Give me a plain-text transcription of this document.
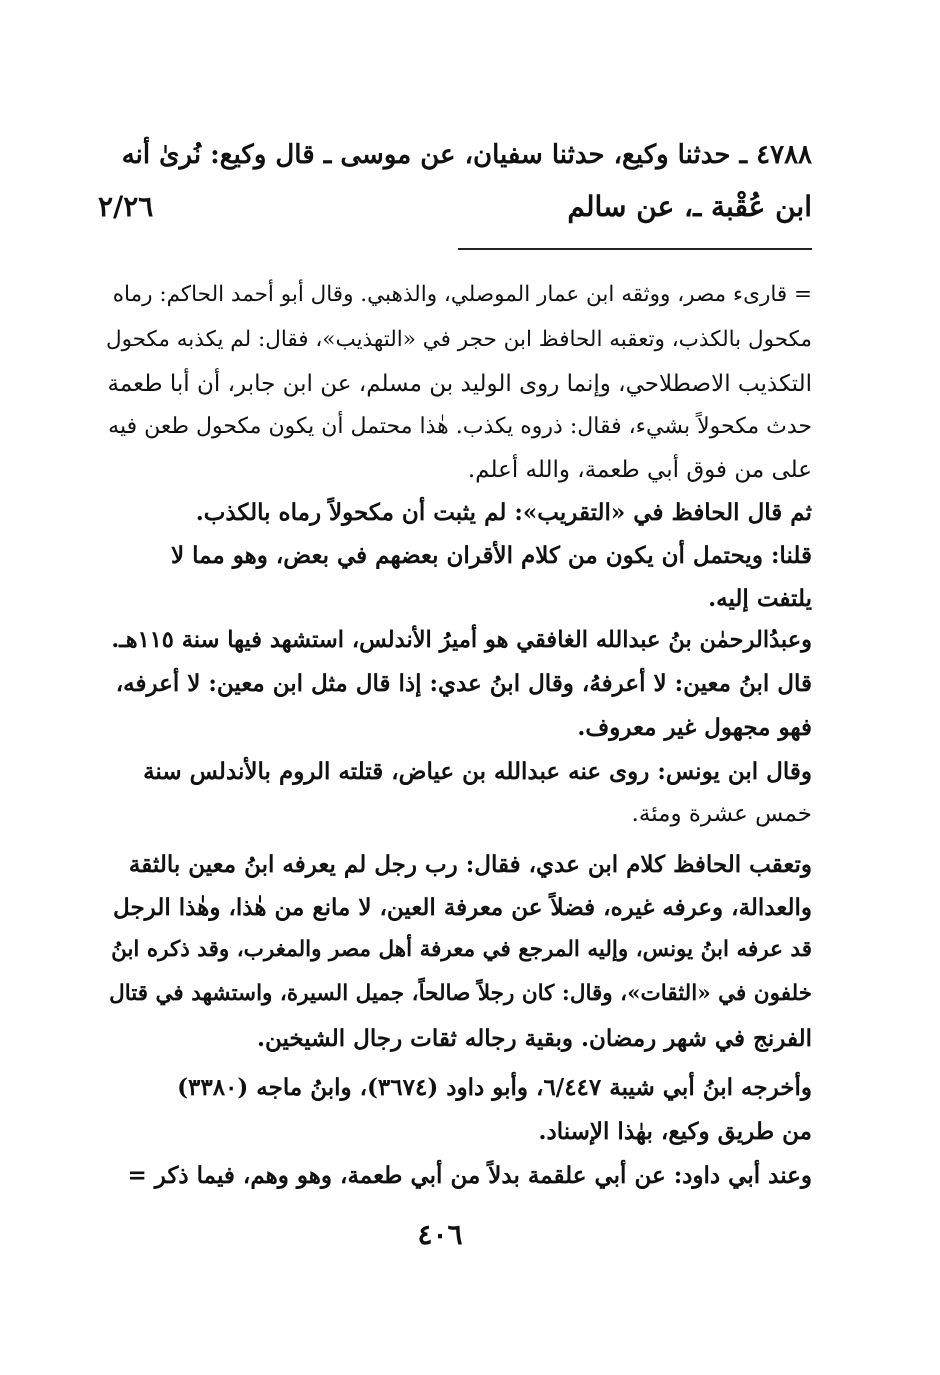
٤٧٨٨ ـ حدثنا وكيع، حدثنا سفيان، عن موسى ـ قال وكيع: نُرىٰ أنه
ابن عُقْبة ـ، عن سالم
٢/٢٦
= قارىء مصر، ووثقه ابن عمار الموصلي، والذهبي. وقال أبو أحمد الحاكم: رماه
مكحول بالكذب، وتعقبه الحافظ ابن حجر في «التهذيب»، فقال: لم يكذبه مكحول
التكذيب الاصطلاحي، وإنما روى الوليد بن مسلم، عن ابن جابر، أن أبا طعمة
حدث مكحولاً بشيء، فقال: ذروه يكذب. هٰذا محتمل أن يكون مكحول طعن فيه
على من فوق أبي طعمة، والله أعلم.
ثم قال الحافظ في «التقريب»: لم يثبت أن مكحولاً رماه بالكذب.
قلنا: ويحتمل أن يكون من كلام الأقران بعضهم في بعض، وهو مما لا
يلتفت إليه.
وعبدُالرحمٰن بنُ عبدالله الغافقي هو أميرُ الأندلس، استشهد فيها سنة ١١٥هـ.
قال ابنُ معين: لا أعرفهُ، وقال ابنُ عدي: إذا قال مثل ابن معين: لا أعرفه،
فهو مجهول غير معروف.
وقال ابن يونس: روى عنه عبدالله بن عياض، قتلته الروم بالأندلس سنة
خمس عشرة ومئة.
وتعقب الحافظ كلام ابن عدي، فقال: رب رجل لم يعرفه ابنُ معين بالثقة
والعدالة، وعرفه غيره، فضلاً عن معرفة العين، لا مانع من هٰذا، وهٰذا الرجل
قد عرفه ابنُ يونس، وإليه المرجع في معرفة أهل مصر والمغرب، وقد ذكره ابنُ
خلفون في «الثقات»، وقال: كان رجلاً صالحاً، جميل السيرة، واستشهد في قتال
الفرنج في شهر رمضان. وبقية رجاله ثقات رجال الشيخين.
وأخرجه ابنُ أبي شيبة ٦/٤٤٧، وأبو داود (٣٦٧٤)، وابنُ ماجه (٣٣٨٠)
من طريق وكيع، بهٰذا الإسناد.
وعند أبي داود: عن أبي علقمة بدلاً من أبي طعمة، وهو وهم، فيما ذكر =
٤٠٦
